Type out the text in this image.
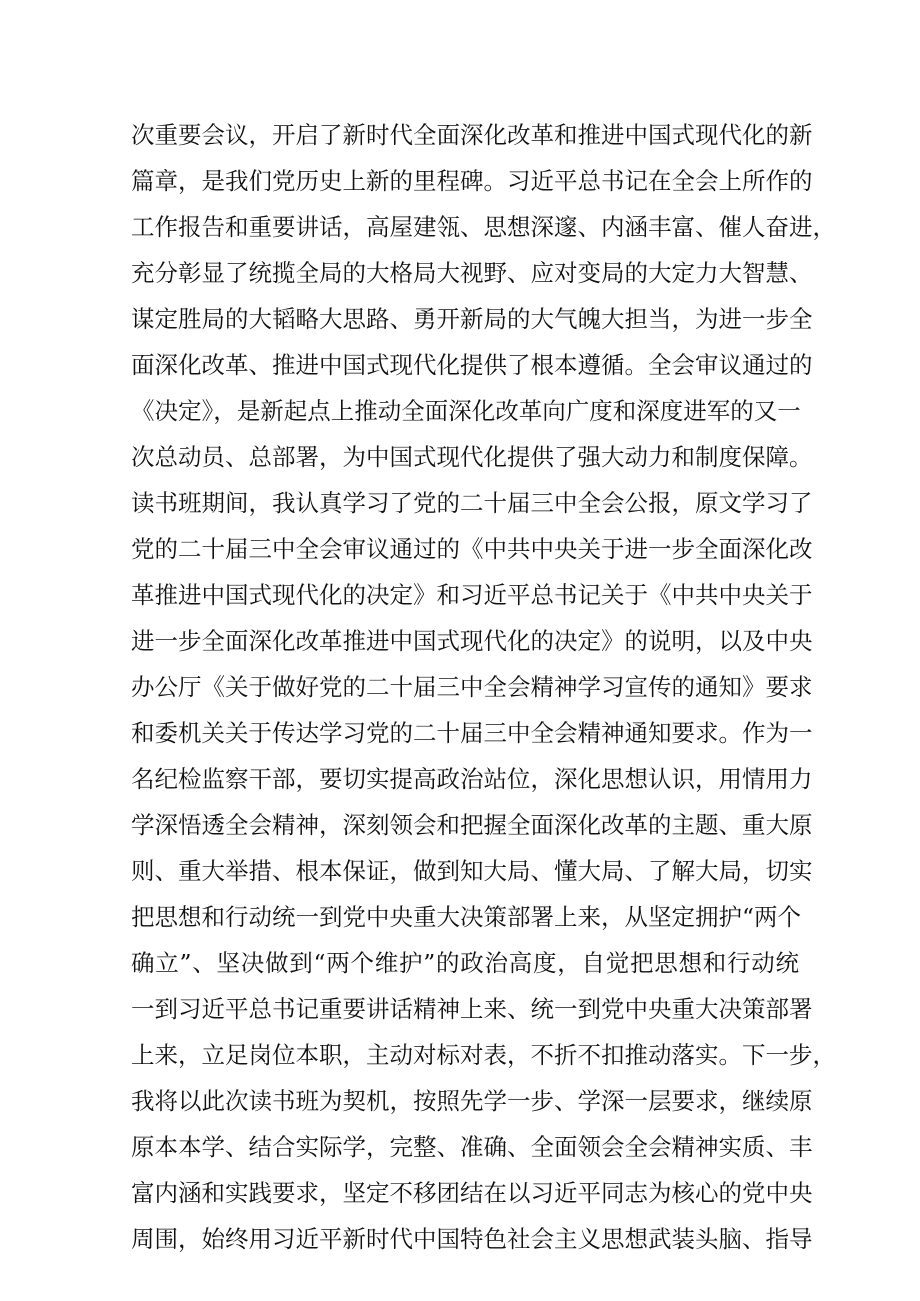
次重要会议，开启了新时代全面深化改革和推进中国式现代化的新
篇章，是我们党历史上新的里程碑。习近平总书记在全会上所作的
工作报告和重要讲话，高屋建瓴、思想深邃、内涵丰富、催人奋进，
充分彰显了统揽全局的大格局大视野、应对变局的大定力大智慧、
谋定胜局的大韬略大思路、勇开新局的大气魄大担当，为进一步全
面深化改革、推进中国式现代化提供了根本遵循。全会审议通过的
《决定》，是新起点上推动全面深化改革向广度和深度进军的又一
次总动员、总部署，为中国式现代化提供了强大动力和制度保障。
读书班期间，我认真学习了党的二十届三中全会公报，原文学习了
党的二十届三中全会审议通过的《中共中央关于进一步全面深化改
革推进中国式现代化的决定》和习近平总书记关于《中共中央关于
进一步全面深化改革推进中国式现代化的决定》的说明，以及中央
办公厅《关于做好党的二十届三中全会精神学习宣传的通知》要求
和委机关关于传达学习党的二十届三中全会精神通知要求。作为一
名纪检监察干部，要切实提高政治站位，深化思想认识，用情用力
学深悟透全会精神，深刻领会和把握全面深化改革的主题、重大原
则、重大举措、根本保证，做到知大局、懂大局、了解大局，切实
把思想和行动统一到党中央重大决策部署上来，从坚定拥护“两个
确立”、坚决做到“两个维护”的政治高度，自觉把思想和行动统
一到习近平总书记重要讲话精神上来、统一到党中央重大决策部署
上来，立足岗位本职，主动对标对表，不折不扣推动落实。下一步，
我将以此次读书班为契机，按照先学一步、学深一层要求，继续原
原本本学、结合实际学，完整、准确、全面领会全会精神实质、丰
富内涵和实践要求，坚定不移团结在以习近平同志为核心的党中央
周围，始终用习近平新时代中国特色社会主义思想武装头脑、指导
